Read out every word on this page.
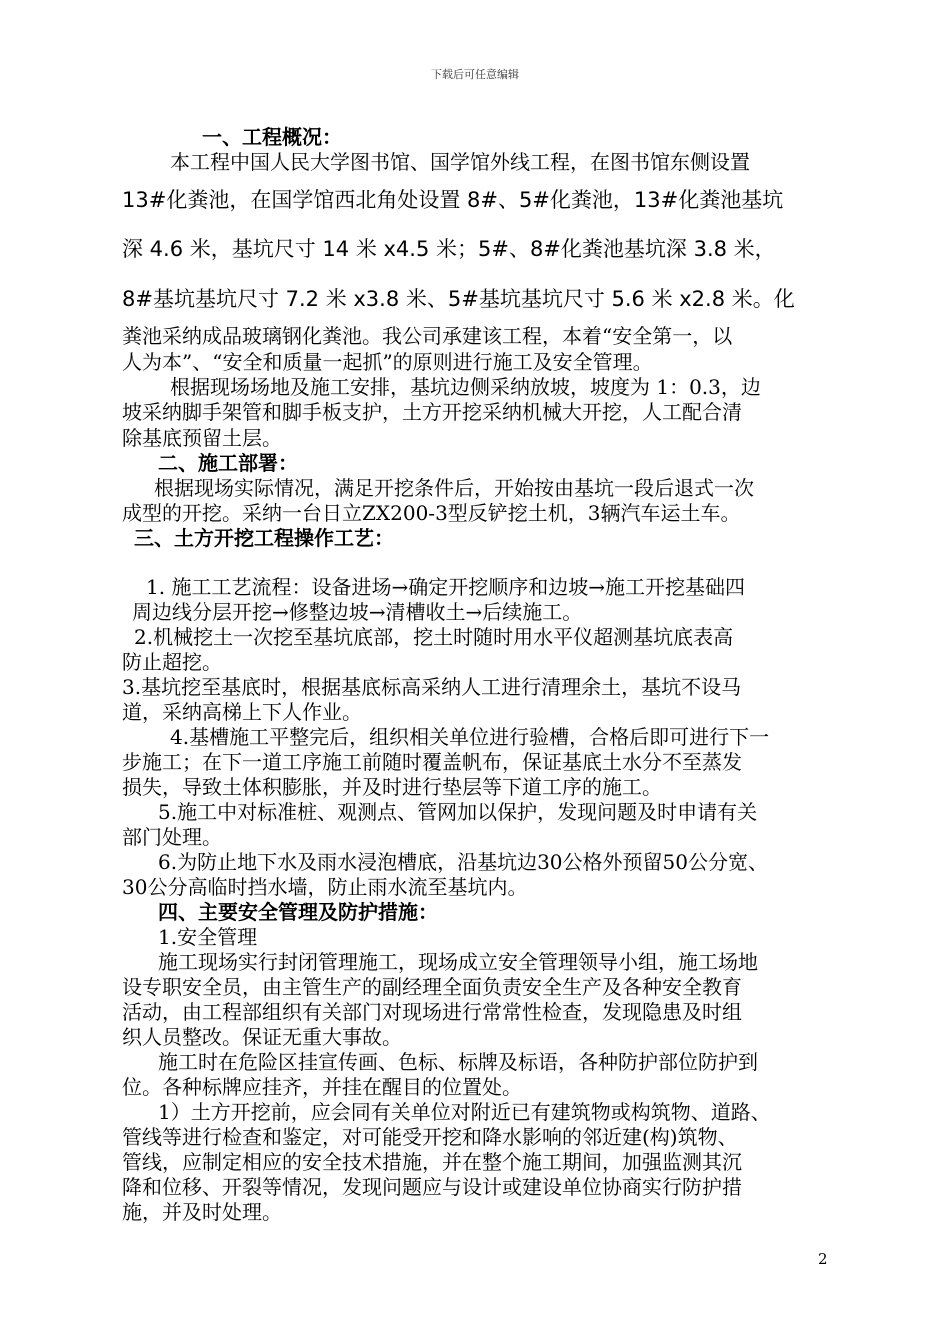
下载后可任意编辑
一、工程概况：
本工程中国人民大学图书馆、国学馆外线工程，在图书馆东侧设置
13#化粪池，在国学馆西北角处设置 8#、5#化粪池，13#化粪池基坑
深 4.6 米，基坑尺寸 14 米 x4.5 米；5#、8#化粪池基坑深 3.8 米，
8#基坑基坑尺寸 7.2 米 x3.8 米、5#基坑基坑尺寸 5.6 米 x2.8 米。化
粪池采纳成品玻璃钢化粪池。我公司承建该工程，本着“安全第一，以
人为本”、“安全和质量一起抓”的原则进行施工及安全管理。
根据现场场地及施工安排，基坑边侧采纳放坡，坡度为 1：0.3，边
坡采纳脚手架管和脚手板支护，土方开挖采纳机械大开挖，人工配合清
除基底预留土层。
二、施工部署：
根据现场实际情况，满足开挖条件后，开始按由基坑一段后退式一次
成型的开挖。采纳一台日立ZX200-3型反铲挖土机，3辆汽车运土车。
三、土方开挖工程操作工艺：
1. 施工工艺流程：设备进场→确定开挖顺序和边坡→施工开挖基础四
周边线分层开挖→修整边坡→清槽收土→后续施工。
2.机械挖土一次挖至基坑底部，挖土时随时用水平仪超测基坑底表高
防止超挖。
3.基坑挖至基底时，根据基底标高采纳人工进行清理余土，基坑不设马
道，采纳高梯上下人作业。
4.基槽施工平整完后，组织相关单位进行验槽，合格后即可进行下一
步施工；在下一道工序施工前随时覆盖帆布，保证基底土水分不至蒸发
损失，导致土体积膨胀，并及时进行垫层等下道工序的施工。
5.施工中对标准桩、观测点、管网加以保护，发现问题及时申请有关
部门处理。
6.为防止地下水及雨水浸泡槽底，沿基坑边30公格外预留50公分宽、
30公分高临时挡水墙，防止雨水流至基坑内。
四、主要安全管理及防护措施：
1.安全管理
施工现场实行封闭管理施工，现场成立安全管理领导小组，施工场地
设专职安全员，由主管生产的副经理全面负责安全生产及各种安全教育
活动，由工程部组织有关部门对现场进行常常性检查，发现隐患及时组
织人员整改。保证无重大事故。
施工时在危险区挂宣传画、色标、标牌及标语，各种防护部位防护到
位。各种标牌应挂齐，并挂在醒目的位置处。
1）土方开挖前，应会同有关单位对附近已有建筑物或构筑物、道路、
管线等进行检查和鉴定，对可能受开挖和降水影响的邻近建(构)筑物、
管线，应制定相应的安全技术措施，并在整个施工期间，加强监测其沉
降和位移、开裂等情况，发现问题应与设计或建设单位协商实行防护措
施，并及时处理。
2
